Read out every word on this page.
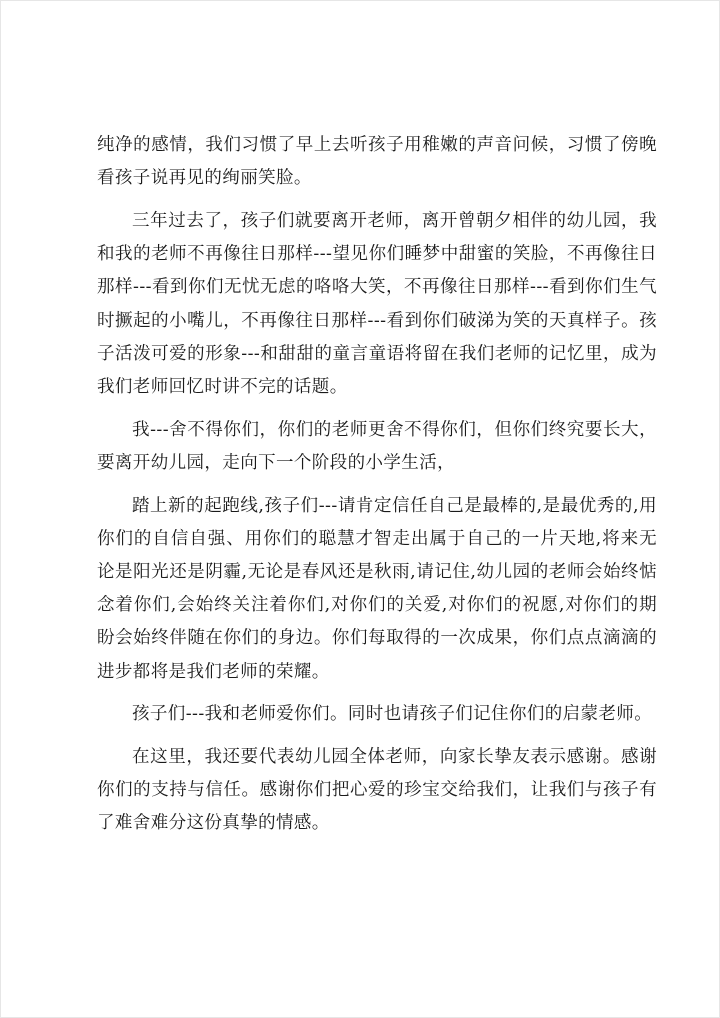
纯净的感情，我们习惯了早上去听孩子用稚嫩的声音问候，习惯了傍晚看孩子说再见的绚丽笑脸。

三年过去了，孩子们就要离开老师，离开曾朝夕相伴的幼儿园，我和我的老师不再像往日那样---望见你们睡梦中甜蜜的笑脸，不再像往日那样---看到你们无忧无虑的咯咯大笑，不再像往日那样---看到你们生气时撅起的小嘴儿，不再像往日那样---看到你们破涕为笑的天真样子。孩子活泼可爱的形象---和甜甜的童言童语将留在我们老师的记忆里，成为我们老师回忆时讲不完的话题。

我---舍不得你们，你们的老师更舍不得你们，但你们终究要长大，要离开幼儿园，走向下一个阶段的小学生活，

踏上新的起跑线,孩子们---请肯定信任自己是最棒的,是最优秀的,用你们的自信自强、用你们的聪慧才智走出属于自己的一片天地,将来无论是阳光还是阴霾,无论是春风还是秋雨,请记住,幼儿园的老师会始终惦念着你们,会始终关注着你们,对你们的关爱,对你们的祝愿,对你们的期盼会始终伴随在你们的身边。你们每取得的一次成果，你们点点滴滴的进步都将是我们老师的荣耀。

孩子们---我和老师爱你们。同时也请孩子们记住你们的启蒙老师。

在这里，我还要代表幼儿园全体老师，向家长挚友表示感谢。感谢你们的支持与信任。感谢你们把心爱的珍宝交给我们，让我们与孩子有了难舍难分这份真挚的情感。
